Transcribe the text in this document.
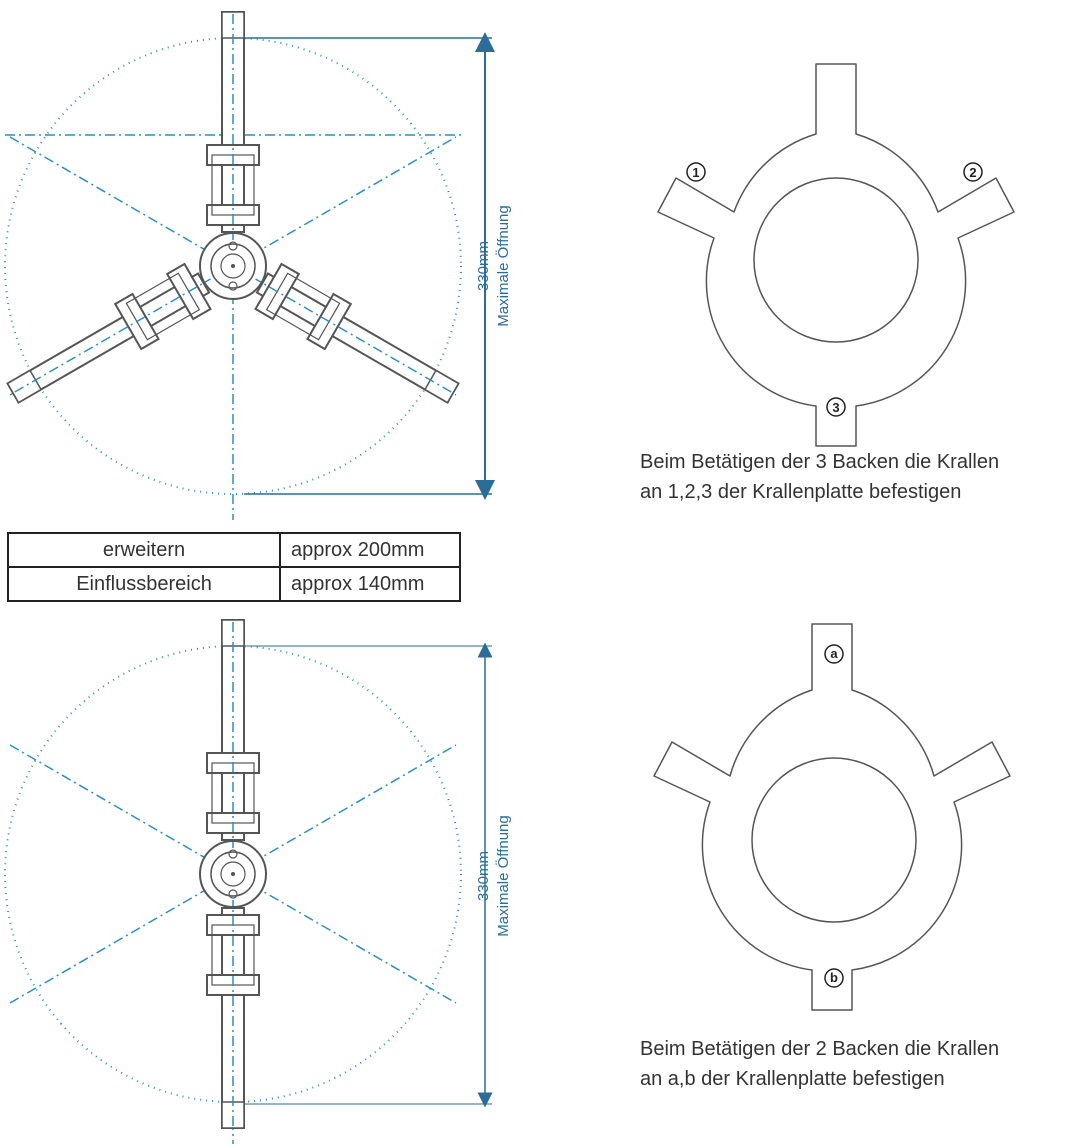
330mm Maximale Öffnung
1	2
3
330mm Maximale Öffnung
a
b
erweitern	approx 200mm
Einflussbereich	approx 140mm
Beim Betätigen der 3 Backen die Krallen
an 1,2,3 der Krallenplatte befestigen
Beim Betätigen der 2 Backen die Krallen
an a,b der Krallenplatte befestigen
